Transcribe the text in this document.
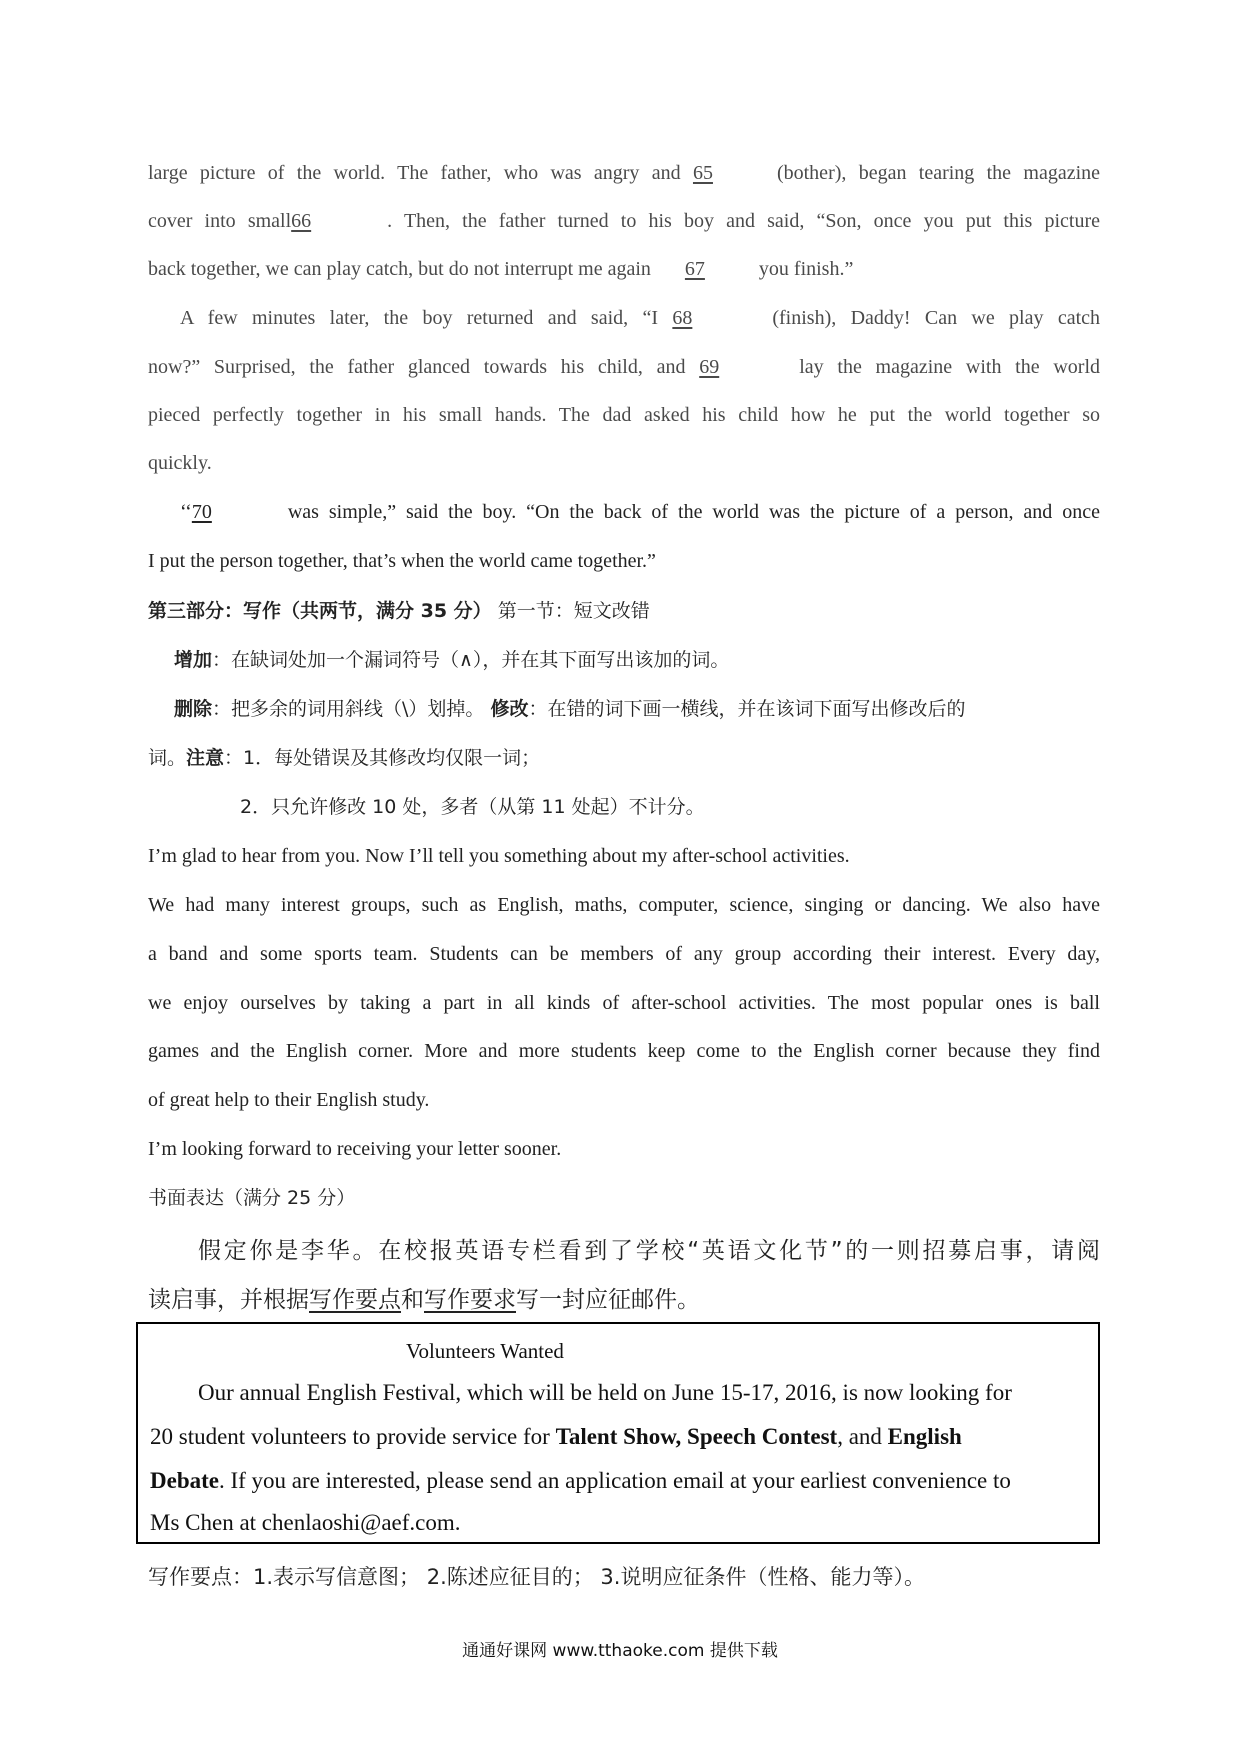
large picture of the world. The father, who was angry and 65	(bother), began tearing the magazine
cover into small66	. Then, the father turned to his boy and said, “Son, once you put this picture
back together, we can play catch, but do not interrupt me again 67	you finish.”
A few minutes later, the boy returned and said, “I 68	(finish), Daddy! Can we play catch
now?” Surprised, the father glanced towards his child, and 69	lay the magazine with the world
pieced perfectly together in his small hands. The dad asked his child how he put the world together so
quickly.
‘‘70	was simple,” said the boy. “On the back of the world was the picture of a person, and once
I put the person together, that’s when the world came together.”
第三部分：写作（共两节，满分 35 分） 第一节：短文改错
增加：在缺词处加一个漏词符号（∧），并在其下面写出该加的词。
删除：把多余的词用斜线（\）划掉。 修改：在错的词下画一横线，并在该词下面写出修改后的
词。注意：1．每处错误及其修改均仅限一词；
2．只允许修改 10 处，多者（从第 11 处起）不计分。
I’m glad to hear from you. Now I’ll tell you something about my after-school activities.
We had many interest groups, such as English, maths, computer, science, singing or dancing. We also have
a band and some sports team. Students can be members of any group according their interest. Every day,
we enjoy ourselves by taking a part in all kinds of after-school activities. The most popular ones is ball
games and the English corner. More and more students keep come to the English corner because they find
of great help to their English study.
I’m looking forward to receiving your letter sooner.
书面表达（满分 25 分）
假定你是李华。在校报英语专栏看到了学校“英语文化节”的一则招募启事，请阅
读启事，并根据写作要点和写作要求写一封应征邮件。
Volunteers Wanted
Our annual English Festival, which will be held on June 15-17, 2016, is now looking for
20 student volunteers to provide service for Talent Show, Speech Contest, and English
Debate. If you are interested, please send an application email at your earliest convenience to
Ms Chen at chenlaoshi@aef.com.
写作要点：1.表示写信意图； 2.陈述应征目的； 3.说明应征条件（性格、能力等）。
通通好课网 www.tthaoke.com 提供下载
